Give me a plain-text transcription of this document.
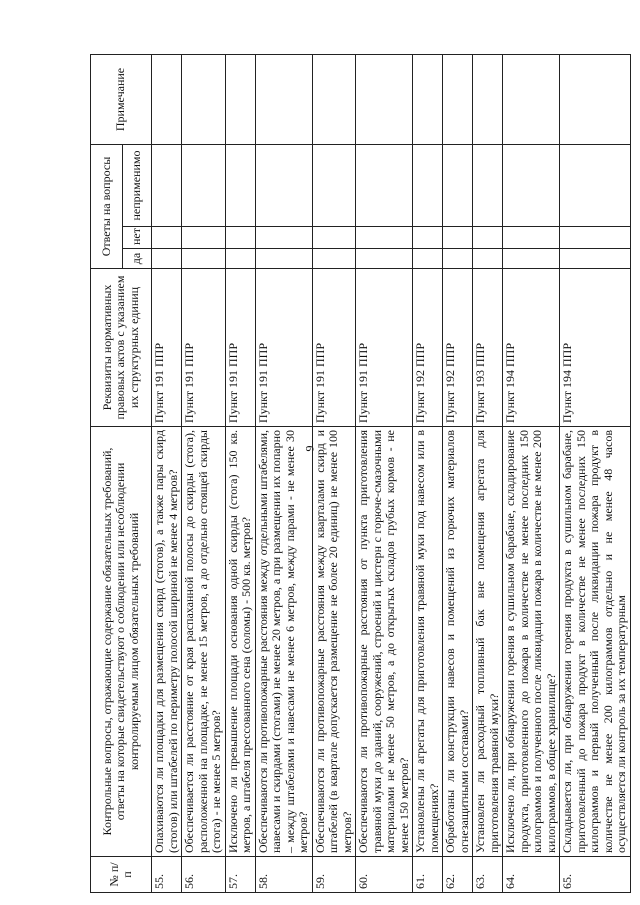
9
№ п/п	Контрольные вопросы, отражающие содержание обязательных требований, ответы на которые свидетельствуют о соблюдении или несоблюдении контролируемым лицом обязательных требований	Реквизиты нормативных правовых актов с указанием их структурных единиц	Ответы на вопросы			Примечание
			да	нет	неприменимо	
55.	Опахиваются ли площадки для размещения скирд (стогов), а также пары скирд (стогов) или штабелей по периметру полосой шириной не менее 4 метров?	Пункт 191 ППР				
56.	Обеспечивается ли расстояние от края распаханной полосы до скирды (стога), расположенной на площадке, не менее 15 метров, а до отдельно стоящей скирды (стога) - не менее 5 метров?	Пункт 191 ППР				
57.	Исключено ли превышение площади основания одной скирды (стога) 150 кв. метров, а штабеля прессованного сена (соломы) - 500 кв. метров?	Пункт 191 ППР				
58.	Обеспечиваются ли противопожарные расстояния между отдельными штабелями, навесами и скирдами (стогами) не менее 20 метров, а при размещении их попарно – между штабелями и навесами не менее 6 метров, между парами - не менее 30 метров?	Пункт 191 ППР				
59.	Обеспечиваются ли противопожарные расстояния между кварталами скирд и штабелей (в квартале допускается размещение не более 20 единиц) не менее 100 метров?	Пункт 191 ППР				
60.	Обеспечиваются ли противопожарные расстояния от пункта приготовления травяной муки до зданий, сооружений, строений и цистерн с горюче-смазочными материалами не менее 50 метров, а до открытых складов грубых кормов - не менее 150 метров?	Пункт 191 ППР				
61.	Установлены ли агрегаты для приготовления травяной муки под навесом или в помещениях?	Пункт 192 ППР				
62.	Обработаны ли конструкции навесов и помещений из горючих материалов огнезащитными составами?	Пункт 192 ППР				
63.	Установлен ли расходный топливный бак вне помещения агрегата для приготовления травяной муки?	Пункт 193 ППР				
64.	Исключено ли, при обнаружении горения в сушильном барабане, складирование продукта, приготовленного до пожара в количестве не менее последних 150 килограммов и полученного после ликвидации пожара в количестве не менее 200 килограммов, в общее хранилище?	Пункт 194 ППР				
65.	Складывается ли, при обнаружении горения продукта в сушильном барабане, приготовленный до пожара продукт в количестве не менее последних 150 килограммов и первый полученный после ликвидации пожара продукт в количестве не менее 200 килограммов отдельно и не менее 48 часов осуществляется ли контроль за их температурным	Пункт 194 ППР				
